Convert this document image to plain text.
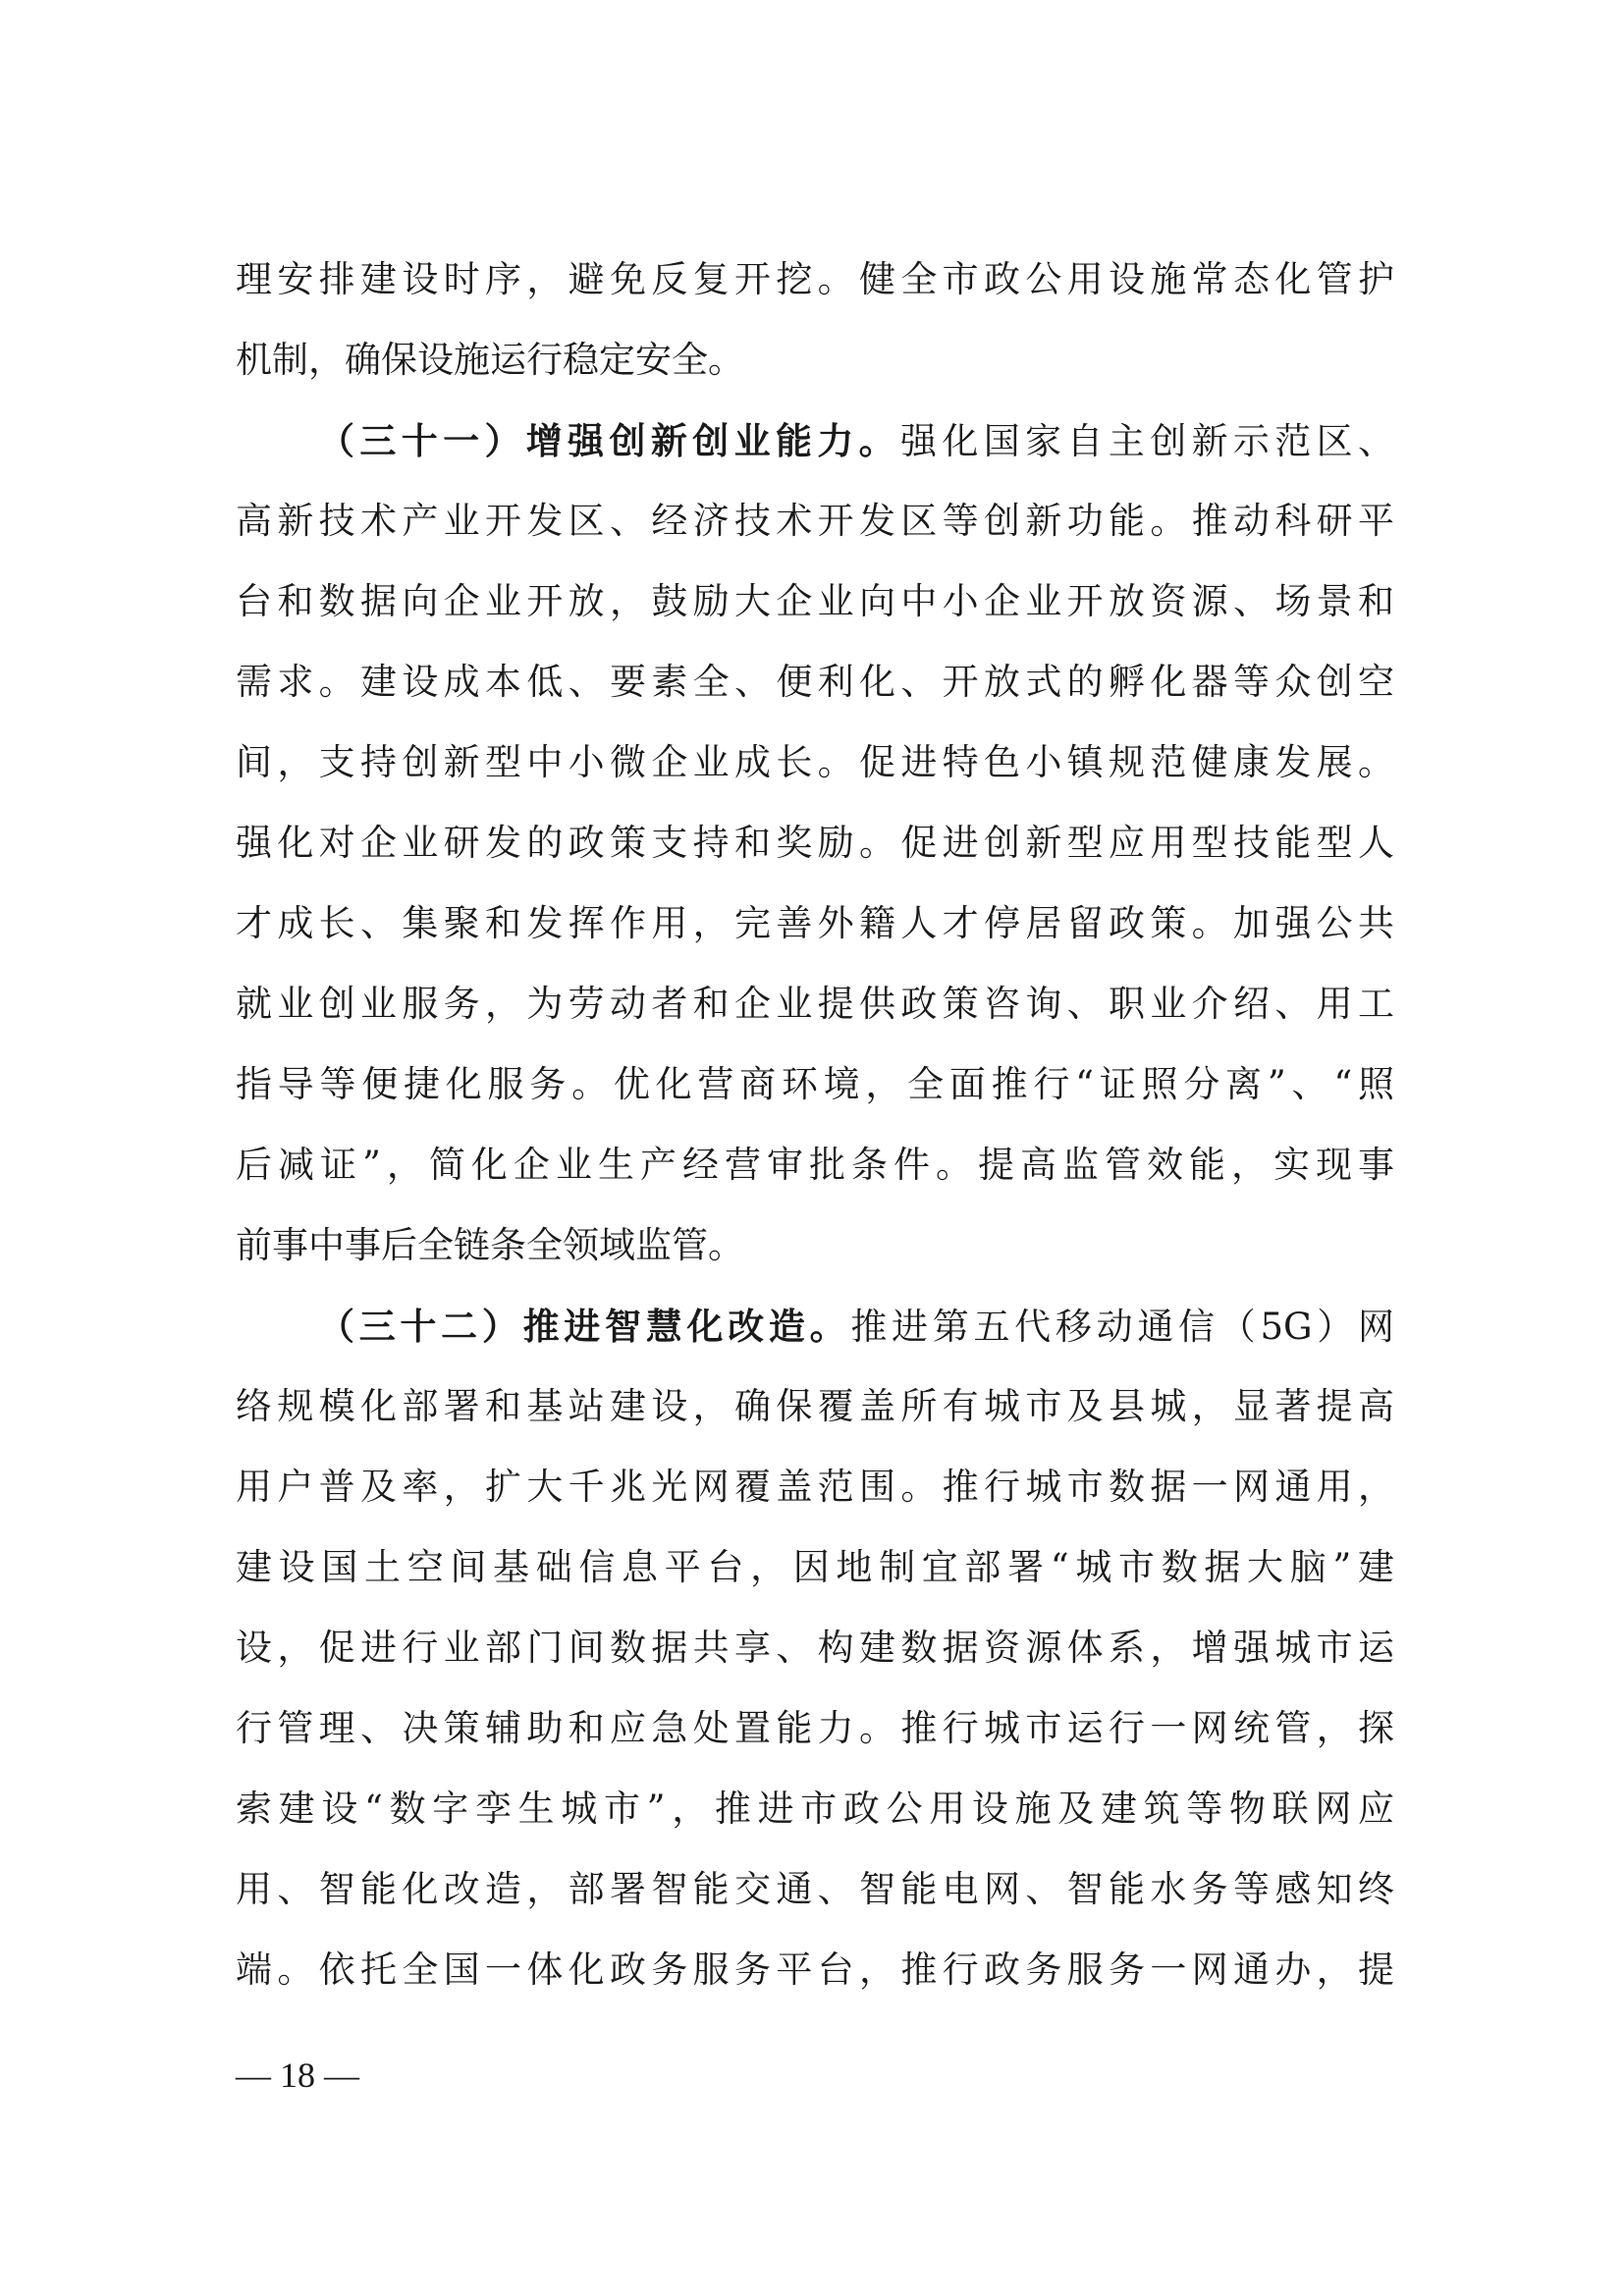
理安排建设时序，避免反复开挖。健全市政公用设施常态化管护
机制，确保设施运行稳定安全。
（三十一）增强创新创业能力。强化国家自主创新示范区、
高新技术产业开发区、经济技术开发区等创新功能。推动科研平
台和数据向企业开放，鼓励大企业向中小企业开放资源、场景和
需求。建设成本低、要素全、便利化、开放式的孵化器等众创空
间，支持创新型中小微企业成长。促进特色小镇规范健康发展。
强化对企业研发的政策支持和奖励。促进创新型应用型技能型人
才成长、集聚和发挥作用，完善外籍人才停居留政策。加强公共
就业创业服务，为劳动者和企业提供政策咨询、职业介绍、用工
指导等便捷化服务。优化营商环境，全面推行“证照分离”、“照
后减证”，简化企业生产经营审批条件。提高监管效能，实现事
前事中事后全链条全领域监管。
（三十二）推进智慧化改造。推进第五代移动通信（5G）网
络规模化部署和基站建设，确保覆盖所有城市及县城，显著提高
用户普及率，扩大千兆光网覆盖范围。推行城市数据一网通用，
建设国土空间基础信息平台，因地制宜部署“城市数据大脑”建
设，促进行业部门间数据共享、构建数据资源体系，增强城市运
行管理、决策辅助和应急处置能力。推行城市运行一网统管，探
索建设“数字孪生城市”，推进市政公用设施及建筑等物联网应
用、智能化改造，部署智能交通、智能电网、智能水务等感知终
端。依托全国一体化政务服务平台，推行政务服务一网通办，提
— 18 —
